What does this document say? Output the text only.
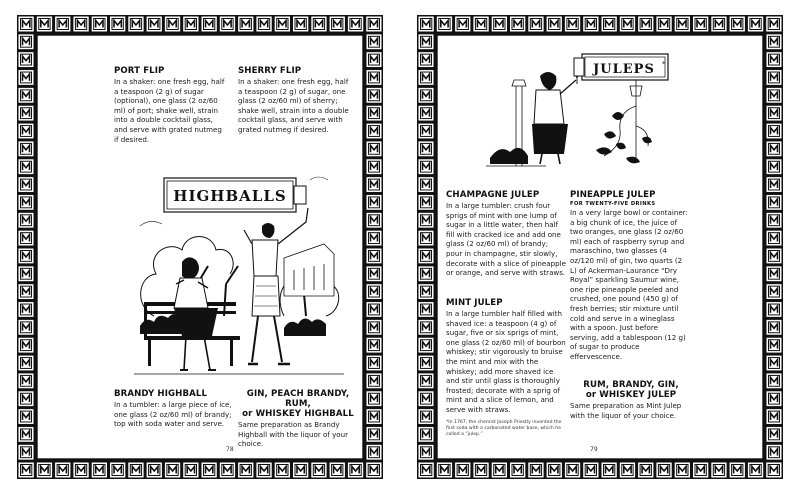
PORT FLIP
In a shaker: one fresh egg, half a teaspoon (2 g) of sugar (optional), one glass (2 oz/60 ml) of port; shake well, strain into a double cocktail glass, and serve with grated nutmeg if desired.
SHERRY FLIP
In a shaker: one fresh egg, half a teaspoon (2 g) of sugar, one glass (2 oz/60 ml) of sherry; shake well, strain into a double cocktail glass, and serve with grated nutmeg if desired.
HIGHBALLS
BRANDY HIGHBALL
In a tumbler: a large piece of ice, one glass (2 oz/60 ml) of brandy; top with soda water and serve.
GIN, PEACH BRANDY, RUM,
or WHISKEY HIGHBALL
Same preparation as Brandy Highball with the liquor of your choice.
78
JULEPS *
CHAMPAGNE JULEP
In a large tumbler: crush four sprigs of mint with one lump of sugar in a little water, then half fill with cracked ice and add one glass (2 oz/60 ml) of brandy; pour in champagne, stir slowly, decorate with a slice of pineapple or orange, and serve with straws.
MINT JULEP
In a large tumbler half filled with shaved ice: a teaspoon (4 g) of sugar, five or six sprigs of mint, one glass (2 oz/60 ml) of bourbon whiskey; stir vigorously to bruise the mint and mix with the whiskey; add more shaved ice and stir until glass is thoroughly frosted; decorate with a sprig of mint and a slice of lemon, and serve with straws.
PINEAPPLE JULEP
FOR TWENTY-FIVE DRINKS
In a very large bowl or container: a big chunk of ice, the juice of two oranges, one glass (2 oz/60 ml) each of raspberry syrup and maraschino, two glasses (4 oz/120 ml) of gin, two quarts (2 L) of Ackerman-Laurance “Dry Royal” sparkling Saumur wine, one ripe pineapple peeled and crushed, one pound (450 g) of fresh berries; stir mixture until cold and serve in a wineglass with a spoon. Just before serving, add a tablespoon (12 g) of sugar to produce effervescence.
RUM, BRANDY, GIN,
or WHISKEY JULEP
Same preparation as Mint Julep with the liquor of your choice.
*In 1767, the chemist Joseph Priestly invented the first soda with a carbonated water base, which he called a “julep.”
79
